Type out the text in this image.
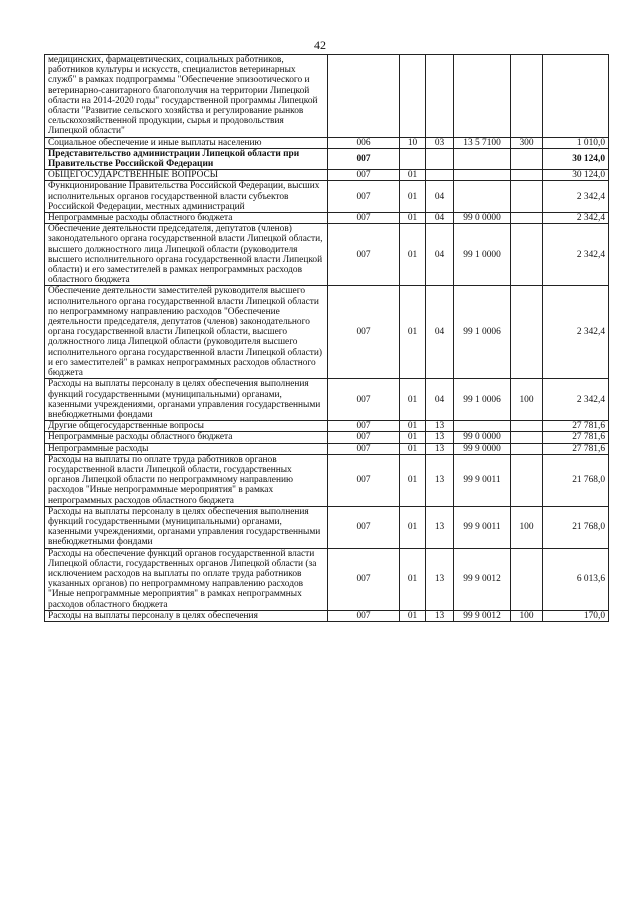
42
медицинских, фармацевтических, социальных работников, работников культуры и искусств, специалистов ветеринарных служб" в рамках подпрограммы "Обеспечение эпизоотического и ветеринарно-санитарного благополучия на территории Липецкой области на 2014-2020 годы" государственной программы Липецкой области "Развитие сельского хозяйства и регулирование рынков сельскохозяйственной продукции, сырья и продовольствия Липецкой области"						
Социальное обеспечение и иные выплаты населению	006	10	03	13 5 7100	300	1 010,0
Представительство администрации Липецкой области при Правительстве Российской Федерации	007					30 124,0
ОБЩЕГОСУДАРСТВЕННЫЕ ВОПРОСЫ	007	01				30 124,0
Функционирование Правительства Российской Федерации, высших исполнительных органов государственной власти субъектов Российской Федерации, местных администраций	007	01	04			2 342,4
Непрограммные расходы областного бюджета	007	01	04	99 0 0000		2 342,4
Обеспечение деятельности председателя, депутатов (членов) законодательного органа государственной власти Липецкой области, высшего должностного лица Липецкой области (руководителя высшего исполнительного органа государственной власти Липецкой области) и его заместителей в рамках непрограммных расходов областного бюджета	007	01	04	99 1 0000		2 342,4
Обеспечение деятельности заместителей руководителя высшего исполнительного органа государственной власти Липецкой области по непрограммному направлению расходов "Обеспечение деятельности председателя, депутатов (членов) законодательного органа государственной власти Липецкой области, высшего должностного лица Липецкой области (руководителя высшего исполнительного органа государственной власти Липецкой области) и его заместителей" в рамках непрограммных расходов областного бюджета	007	01	04	99 1 0006		2 342,4
Расходы на выплаты персоналу в целях обеспечения выполнения функций государственными (муниципальными) органами, казенными учреждениями, органами управления государственными внебюджетными фондами	007	01	04	99 1 0006	100	2 342,4
Другие общегосударственные вопросы	007	01	13			27 781,6
Непрограммные расходы областного бюджета	007	01	13	99 0 0000		27 781,6
Непрограммные расходы	007	01	13	99 9 0000		27 781,6
Расходы на выплаты по оплате труда работников органов государственной власти Липецкой области, государственных органов Липецкой области по непрограммному направлению расходов "Иные непрограммные мероприятия" в рамках непрограммных расходов областного бюджета	007	01	13	99 9 0011		21 768,0
Расходы на выплаты персоналу в целях обеспечения выполнения функций государственными (муниципальными) органами, казенными учреждениями, органами управления государственными внебюджетными фондами	007	01	13	99 9 0011	100	21 768,0
Расходы на обеспечение функций органов государственной власти Липецкой области, государственных органов Липецкой области (за исключением расходов на выплаты по оплате труда работников указанных органов) по непрограммному направлению расходов "Иные непрограммные мероприятия" в рамках непрограммных расходов областного бюджета	007	01	13	99 9 0012		6 013,6
Расходы на выплаты персоналу в целях обеспечения	007	01	13	99 9 0012	100	170,0
